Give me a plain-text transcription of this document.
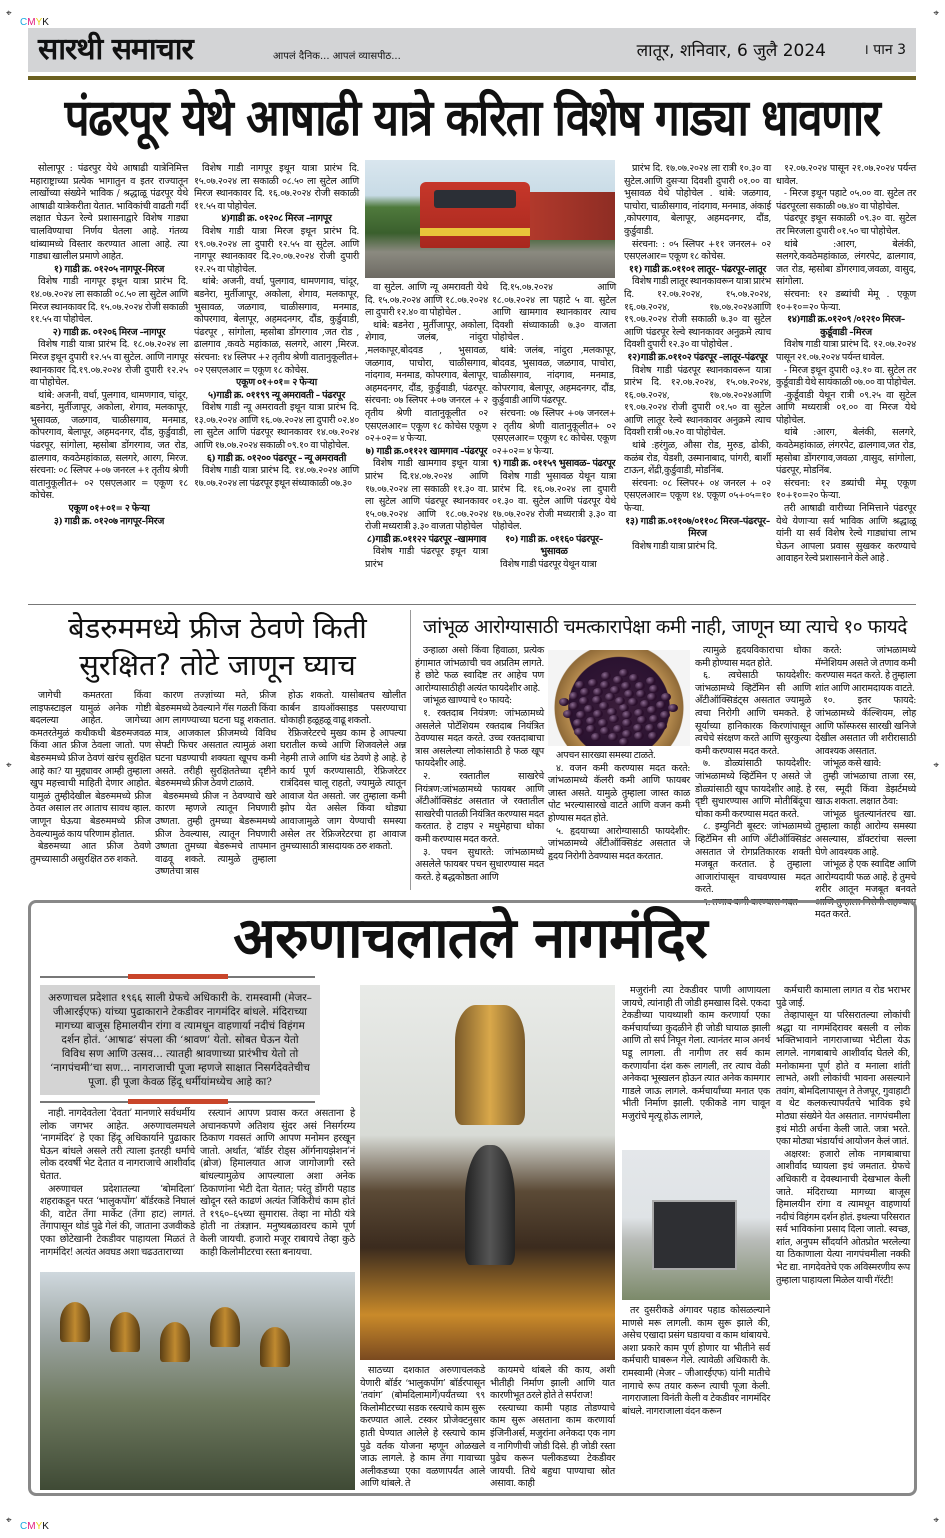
⌖	⌖
⌖	⌖
⌖	⌖
CMYK
CMYK
सारथी समाचार	आपलं दैनिक... आपलं व्यासपीठ...	लातूर, शनिवार, 6 जुलै 2024	। पान 3
पंढरपूर येथे आषाढी यात्रे करिता विशेष गाड्या धावणार

सोलापूर : पंढरपुर येथे आषाढी यात्रेनिमित्त महाराष्ट्राच्या प्रत्येक भागातुन व इतर राज्यातून लाखोंच्या संख्येने भाविक / श्रद्धाळू पंढरपूर येथे आषाढी यात्रेकरीता येतात. भाविकांची वाढती गर्दी लक्षात घेऊन रेल्वे प्रशासनाद्वारे विशेष गाड्या चालविण्याचा निर्णय घेतला आहे. गंतव्य थांब्यामध्ये विस्तार करण्यात आला आहे. त्या गाड्या खालील प्रमाणे आहेत.

१) गाडी क्र. ०१२०५ नागपूर–मिरज

विशेष गाडी नागपूर इथून यात्रा प्रारंभ दि. १४.०७.२०२४ ला सकाळी ०८.५० ला सुटेल आणि मिरज स्थानकावर दि. १५.०७.२०२४ रोजी सकाळी ११.५५ वा पोहोचेल.

२) गाडी क्र. ०१२०६ मिरज –नागपूर

विशेष गाडी यात्रा प्रारंभ दि. १८.०७.२०२४ ला मिरज इथून दुपारी १२.५५ वा सुटेल. आणि नागपूर स्थानकावर दि.१९.०७.२०२४ रोजी दुपारी १२.२५ वा पोहोचेल.

थांबे: अजनी, वर्धा, पुलगाव, धामणगाव, चांदूर, बडनेरा, मुर्तीजापूर, अकोला, शेगाव, मलकापूर, भुसावळ, जळगाव, चाळीसगाव, मनमाड, कोपरगाव, बेलापूर, अहमदनगर, दौंड, कुर्डुवाडी, पंढरपूर, सांगोला, म्हसोबा डोंगरगाव, जत रोड, ढालगाव, कवठेमहांकाळ, सलगरे, आरग, मिरज. संरचना: ०८ स्लिपर +०७ जनरल +१ तृतीय श्रेणी वातानुकूलीत+ ०२ एसएलआर = एकूण १८ कोचेस.

एकूण ०१+०१= २ फेऱ्या

३) गाडी क्र. ०१२०७ नागपूर–मिरज

विशेष गाडी नागपूर इथून यात्रा प्रारंभ दि. १५.०७.२०२४ ला सकाळी ०८.५० ला सुटेल आणि मिरज स्थानकावर दि. १६.०७.२०२४ रोजी सकाळी ११.५५ वा पोहोचेल.

४)गाडी क्र. ०१२०८ मिरज –नागपूर

विशेष गाडी यात्रा मिरज इथून प्रारंभ दि. १९.०७.२०२४ ला दुपारी १२.५५ वा सुटेल. आणि नागपूर स्थानकावर दि.२०.०७.२०२४ रोजी दुपारी १२.२५ वा पोहोचेल.

थांबे: अजनी, वर्धा, पुलगाव, धामणगाव, चांदूर, बडनेरा, मुर्तीजापूर, अकोला, शेगाव, मलकापूर, भुसावळ, जळगाव, चाळीसगाव, मनमाड, कोपरगाव, बेलापूर, अहमदनगर, दौंड, कुर्डुवाडी, पंढरपूर , सांगोला, म्हसोबा डोंगरगाव ,जत रोड , ढालगाव ,कवठे महांकाळ, सलगरे, आरग ,मिरज. संरचना: १४ स्लिपर +२ तृतीय श्रेणी वातानुकूलीत+ ०२ एसएलआर = एकूण १८ कोचेस.

एकूण ०१+०१= २ फेऱ्या

५)गाडी क्र. ०११९९ न्यू अमरावती – पंढरपूर

विशेष गाडी न्यू अमरावती इथून यात्रा प्रारंभ दि. १३.०७.२०२४ आणि १६.०७.२०२४ ला दुपारी ०२.४० ला सुटेल आणि पंढरपूर स्थानकावर १४.०७.२०२४ आणि १७.०७.२०२४ सकाळी ०९.१० वा पोहोचेल.

६) गाडी क्र. ०१२०० पंढरपूर – न्यू अमरावती

विशेष गाडी यात्रा प्रारंभ दि. १४.०७.२०२४ आणि १७.०७.२०२४ ला पंढरपूर इथून संध्याकाळी ०७.३०

वा सुटेल. आणि न्यू अमरावती येथे दि. १५.०७.२०२४ आणि १८.०७.२०२४ ला दुपारी १२.४० वा पोहोचेल .

थांबे: बडनेरा , मुर्तीजापूर, अकोला, शेगाव, जलंब, नांदुरा ,मलकापूर,बोदवड , भुसावळ, जळगाव, पाचोरा, चाळीसगाव, नांदगाव, मनमाड, कोपरगाव, बेलापूर, अहमदनगर, दौंड, कुर्डुवाडी, पंढरपूर. संरचना: ०७ स्लिपर +०७ जनरल + २ तृतीय श्रेणी वातानुकूलीत ०२ एसएलआर= एकूण १८ कोचेस एकूण ०२+०२= ४ फेऱ्या.

७) गाडी क्र.०११२१ खामगाव –पंढरपूर

विशेष गाडी खामगाव इथून यात्रा प्रारंभ दि.१४.०७.२०२४ आणि १७.०७.२०२४ ला सकाळी ११.३० वा. ला सुटेल आणि पंढरपूर स्थानकावर १५.०७.२०२४ आणि १८.०७.२०२४ रोजी मध्यरात्री ३.३० वाजता पोहोचेल

८)गाडी क्र.०११२२ पंढरपूर –खामगाव

विशेष गाडी पंढरपूर इथून यात्रा प्रारंभ

दि.१५.०७.२०२४ आणि १८.०७.२०२४ ला पहाटे ५ वा. सुटेल आणि खामगाव स्थानकावर त्याच दिवशी संध्याकाळी ७.३० वाजता पोहोचेल .

थांबे: जलंब, नांदुरा ,मलकापूर, बोदवड, भुसावळ, जळगाव, पाचोरा, चाळीसगाव, नांदगाव, मनमाड, कोपरगाव, बेलापूर, अहमदनगर, दौंड, कुर्डुवाडी आणि पंढरपूर.

संरचना: ०७ स्लिपर +०७ जनरल+ २ तृतीय श्रेणी वातानुकूलीत+ ०२ एसएलआर= एकूण १८ कोचेस. एकूण ०२+०२= ४ फेऱ्या.

९) गाडी क्र. ०११५९ भुसावळ– पंढरपूर

विशेष गाडी भुसावळ येथून यात्रा प्रारंभ दि. १६.०७.२०२४ ला दुपारी ०१.३० वा. सुटेल आणि पंढरपूर येथे १७.०७.२०२४ रोजी मध्यरात्री ३.३० वा पोहोचेल.

१०) गाडी क्र. ०११६० पंढरपूर– भुसावळ

विशेष गाडी पंढरपूर येथून यात्रा

प्रारंभ दि. १७.०७.२०२४ ला रात्री १०.३० वा सुटेल.आणि दुसऱ्या दिवशी दुपारी ०१.०० वा भुसावळ येथे पोहोचेल . थांबे: जळगाव, पाचोरा, चाळीसगाव, नांदगाव, मनमाड, अंकाई ,कोपरगाव, बेलापूर, अहमदनगर, दौंड, कुर्डुवाडी.

संरचना: : ०५ स्लिपर +११ जनरल+ ०२ एसएलआर= एकूण १८ कोचेस.

११) गाडी क्र.०११०१ लातूर– पंढरपूर–लातूर

विशेष गाडी लातूर स्थानकावरून यात्रा प्रारंभ दि. १२.०७.२०२४, १५.०७.२०२४, १६.०७.२०२४, १७.०७.२०२४आणि १९.०७.२०२४ रोजी सकाळी ७.३० वा सुटेल आणि पंढरपूर रेल्वे स्थानकावर अनुक्रमे त्याच दिवशी दुपारी १२.३० वा पोहोचेल .

१२)गाडी क्र.०११०२ पंढरपूर –लातूर–पंढरपूर

विशेष गाडी पंढरपूर स्थानकावरून यात्रा प्रारंभ दि. १२.०७.२०२४, १५.०७.२०२४, १६.०७.२०२४, १७.०७.२०२४आणि १९.०७.२०२४ रोजी दुपारी ०१.५० वा सुटेल आणि लातूर रेल्वे स्थानकावर अनुक्रमे त्याच दिवशी रात्री ०७.२० वा पोहोचेल.

थांबे :हरंगुळ, औसा रोड, मुरुड, ढोकी, कळंब रोड, येडशी, उस्मानाबाद, पांगरी, बार्शी टाऊन, शेंद्री,कुर्डुवाडी, मोडनिंब.

संरचना: ०८ स्लिपर+ ०४ जनरल + ०२ एसएलआर= एकूण १४. एकूण ०५+०५=१० फेऱ्या.

१३) गाडी क्र.०११०७/०११०८ मिरज–पंढरपूर–मिरज

विशेष गाडी यात्रा प्रारंभ दि.

१२.०७.२०२४ पासून २१.०७.२०२४ पर्यन्त धावेल.

- मिरज इथून पहाटे ०५.०० वा. सुटेल तर पंढरपूरला सकाळी ०७.४० वा पोहोचेल.

पंढरपूर इथून सकाळी ०९.३० वा. सुटेल तर मिरजला दुपारी ०१.५० चा पोहोचेल.

थांबे :आरग, बेलंकी, सलगरे,कवठेमहांकाळ, लंगरपेट, ढालगाव, जत रोड, म्हसोबा डोंगरगाव,जवळा, वासुद, सांगोला.

संरचना: १२ डब्यांची मेमू . एकूण १०+१०=२० फेऱ्या.

१४)गाडी क्र.०१२०९ /०१२१० मिरज– कुर्डूवाडी –मिरज

विशेष गाडी यात्रा प्रारंभ दि. १२.०७.२०२४ पासून २१.०७.२०२४ पर्यन्त धावेल.

- मिरज इथून दुपारी ०३.१० वा. सुटेल तर कुर्डूवाडी येथे सायंकाळी ०७.०० वा पोहोचेल.

-कुर्डूवाडी येथून रात्री ०९.२५ वा सुटेल आणि मध्यरात्री ०१.०० वा मिरज येथे पोहोचेल.

थांबे :आरग, बेलंकी, सलगरे, कवठेमहांकाळ, लंगरपेट, ढालगाव,जत रोड, म्हसोबा डोंगरगाव,जवळा ,वासुद, सांगोला, पंढरपूर, मोडनिंब.

संरचना: १२ डब्यांची मेमू एकूण १०+१०=२० फेऱ्या.

तरी आषाढी वारीच्या निमित्ताने पंढरपूर येथे येणाऱ्या सर्व भाविक आणि श्रद्धाळू यांनी या सर्व विशेष रेल्वे गाड्यांचा लाभ घेऊन आपला प्रवास सुखकर करण्याचे आवाहन रेल्वे प्रशासनाने केले आहे .

बेडरुममध्ये फ्रीज ठेवणे किती
सुरक्षित? तोटे जाणून घ्याच

जागेची कमतरता किंवा लाइफस्टाइल यामुळं अनेक गोष्टी बदलल्या आहेत. जागेच्या कमतरतेमुळं कधीकधी बेडरुमजवळ किंवा आत फ्रीज ठेवला जातो. पण बेडरुममध्ये फ्रीज ठेवणं खरंच सुरक्षित आहे का? या मुद्द्यावर आम्ही तुम्हाला खुप महत्त्वाची माहिती देणार आहोत. यामुळं तुम्हीदेखील बेडरुममध्ये फ्रीज ठेवत असाल तर आताच सावध व्हाल. जाणून घेऊया बेडरुममध्ये फ्रीज ठेवल्यामुळं काय परिणाम होतात.

बेडरुमच्या आत फ्रीज ठेवणे तुमच्यासाठी असुरक्षित ठरु शकते.

कारण तज्ज्ञांच्या मते, फ्रीज बेडरुममध्ये ठेवल्याने गॅस गळती किंवा आग लागण्याच्या घटना घडू शकतात. मात्र, आजकाल फ्रीजमध्ये विविध सेफ्टी फिचर असतात त्यामुळं अशा घटना घडण्याची शक्यता खूपच कमी असते. तरीही सुरक्षिततेच्या दृष्टीने बेडरुममध्ये फ्रीज ठेवणे टाळावे.

बेडरुममध्ये फ्रीज न ठेवण्याचे खरे कारण म्हणजे त्यातून निघणारी उष्णता. तुम्ही तुमच्या बेडरूममध्ये फ्रीज ठेवल्यास, त्यातून निघणारी उष्णता तुमच्या बेडरूमचे तापमान वाढवू शकते. त्यामुळे तुम्हाला उष्णतेचा त्रास

होऊ शकतो. यासोबतच खोलीत कार्बन डायऑक्साइड पसरण्याचा धोकाही हळूहळू वाढू शकतो.

रेफ्रिजरेटरचे मुख्य काम हे आपल्या घरातील कच्चे आणि शिजवलेले अन्न नेहमी ताजे आणि थंड ठेवणे हे आहे. हे कार्य पूर्ण करण्यासाठी, रेफ्रिजरेटर रात्रंदिवस चालू राहतो, ज्यामुळे त्यातून आवाज येत असतो. जर तुम्हाला कमी झोप येत असेल किंवा थोड्या आवाजामुळे जाग येण्याची समस्या असेल तर रेफ्रिजरेटरचा हा आवाज तुमच्यासाठी त्रासदायक ठरु शकतो.

जांभूळ आरोग्यासाठी चमत्कारापेक्षा कमी नाही, जाणून घ्या त्याचे १० फायदे

उन्हाळा असो किंवा हिवाळा, प्रत्येक हंगामात जांभळाची चव अप्रतिम लागते. हे छोटे फळ स्वादिष्ट तर आहेच पण आरोग्यासाठीही अत्यंत फायदेशीर आहे.

जांभूळ खाण्याचे १० फायदे:

१. रक्तदाब नियंत्रण: जांभळामध्ये असलेले पोटॅशियम रक्तदाब नियंत्रित ठेवण्यास मदत करते. उच्च रक्तदाबाचा त्रास असलेल्या लोकांसाठी हे फळ खूप फायदेशीर आहे.

२. रक्तातील साखरेचे नियंत्रण:जांभळामध्ये फायबर आणि अँटीऑक्सिडंट असतात जे रक्तातील साखरेची पातळी नियंत्रित करण्यास मदत करतात. हे टाइप २ मधुमेहाचा धोका कमी करण्यास मदत करते.

३. पचन सुधारते: जांभळामध्ये असलेले फायबर पचन सुधारण्यास मदत करते. हे बद्धकोष्ठता आणि

अपचन सारख्या समस्या टाळते.

४. वजन कमी करण्यास मदत करते: जांभळामध्ये कॅलरी कमी आणि फायबर जास्त असते. यामुळे तुम्हाला जास्त काळ पोट भरल्यासारखे वाटते आणि वजन कमी होण्यास मदत होते.

५. हृदयाच्या आरोग्यासाठी फायदेशीर: जांभळामध्ये अँटीऑक्सिडंट असतात जे हृदय निरोगी ठेवण्यास मदत करतात.

त्यामुळे हृदयविकाराचा धोका कमी होण्यास मदत होते.

६. त्वचेसाठी फायदेशीर: जांभळामध्ये व्हिटॅमिन सी आणि अँटीऑक्सिडंट्स असतात ज्यामुळे त्वचा निरोगी आणि चमकते. हे सूर्याच्या हानिकारक किरणांपासून त्वचेचे संरक्षण करते आणि सुरकुत्या कमी करण्यास मदत करते.

७. डोळ्यांसाठी फायदेशीर: जांभळामध्ये व्हिटॅमिन ए असते जे डोळ्यांसाठी खूप फायदेशीर आहे. हे दृष्टी सुधारण्यास आणि मोतीबिंदूचा धोका कमी करण्यास मदत करते.

८. इम्युनिटी बूस्टर: जांभळामध्ये व्हिटॅमिन सी आणि अँटीऑक्सिडंट असतात जे रोगप्रतिकारक शक्ती मजबूत करतात. हे तुम्हाला आजारांपासून वाचवण्यास मदत करते.

९. तणाव कमी करण्यास मदत

करते: जांभळामध्ये मॅग्नेशियम असते जे तणाव कमी करण्यास मदत करते. हे तुम्हाला शांत आणि आरामदायक वाटते.

१०. इतर फायदे: जांभळामध्ये कॅल्शियम, लोह आणि फॉस्फरस सारखी खनिजे देखील असतात जी शरीरासाठी आवश्यक असतात.

जांभूळ कसे खावे:

तुम्ही जांभळाचा ताजा रस, रस, स्मूदी किंवा डेझर्टमध्ये खाऊ शकता. लक्षात ठेवा:

जांभूळ धुतल्यानंतरच खा. तुम्हाला काही आरोग्य समस्या असल्यास, डॉक्टरांचा सल्ला घेणे आवश्यक आहे.

जांभूळ हे एक स्वादिष्ट आणि आरोग्यदायी फळ आहे. हे तुमचे शरीर आतून मजबूत बनवते आणि तुम्हाला निरोगी राहण्यास मदत करते.

अरुणाचलातले नागमंदिर
अरुणाचल प्रदेशात १९६६ साली ग्रेफचे अधिकारी के. रामस्वामी (मेजर–जीआरईएफ) यांच्या पुढाकाराने टेकडीवर नागमंदिर बांधले. मंदिराच्या मागच्या बाजूस हिमालयीन रांगा व त्यामधून वाहणार्या नदीचं विहंगम दर्शन होतं. ‘आषाढ’ संपला की ‘श्रावण’ येतो. सोबत घेऊन येतो विविध सण आणि उत्सव... त्यातही श्रावणाच्या प्रारंभीच येतो तो ‘नागपंचमी’चा सण... नागराजाची पूजा म्हणजे साक्षात निसर्गदेवतेचीच पूजा. ही पूजा केवळ हिंदू धर्मीयांमध्येच आहे का?

नाही. नागदेवतेला ‘देवता’ मानणारे सर्वधर्मीय लोक जगभर आहेत. अरुणाचलमधले ‘नागमंदिर’ हे एका हिंदू अधिकार्याने पुढाकार घेऊन बांधले असले तरी त्याला इतरही धर्माचे लोक दरवर्षी भेट देतात व नागराजाचे आशीर्वाद घेतात.

अरुणाचल प्रदेशातल्या ‘बोमदिला’ शहराकडून परत ‘भालुकपोंग’ बॉर्डरकडे निघालं की, वाटेत तेंगा मार्केट (तेंगा हाट) लागतं. तेंगापासून थोडं पुढे गेलं की, जाताना उजवीकडे एका छोटेखानी टेकडीवर पाहायला मिळतं ते नागमंदिर! अत्यंत अवघड अशा चढउताराच्या

रस्त्यानं आपण प्रवास करत असताना हे अचानकपणे अतिशय सुंदर असं निसर्गरम्य ठिकाण गवसतं आणि आपण मनोमन हरखून जातो. अर्थात, ‘बॉर्डर रोड्स ऑर्गनायझेशन’नं (ब्रोज) हिमालयात आज जागोजागी रस्ते बांधल्यामुळेच आपल्याला अशा अनेक ठिकाणांना भेटी देता येतात; परंतु डोंगरी पहाड खोदून रस्ते काढणं अत्यंत जिकिरीचं काम होतं ते १९६०–६५च्या सुमारास. तेव्हा ना मोठी यंत्रे होती ना तंत्रज्ञान. मनुष्यबळावरच कामे पूर्ण केली जायची. हजारो मजूर राबायचे तेव्हा कुठे काही किलोमीटरचा रस्ता बनायचा.

साठच्या दशकात अरुणाचलकडे येणारी बॉर्डर ‘भालुकपोंग’ बॉर्डरपासून ‘तवांग’ (बोमदिलामार्गे)पर्यंतच्या ९९ किलोमीटरच्या सडक रस्त्याचे काम सुरू करण्यात आले. टस्कर प्रोजेक्टनुसार हाती घेण्यात आलेले हे रस्त्याचे काम पुढे वर्तक योजना म्हणून ओळखले जाऊ लागले. हे काम तेंगा गावाच्या अलीकडच्या एका वळणापर्यंत आले आणि थांबले. ते

कायमचे थांबले की काय, अशी भीतीही निर्माण झाली आणि यात कारणीभूत ठरले होते ते सर्पराज!

रस्त्याच्या कामी पहाड तोडण्याचे काम सुरू असताना काम करणार्या इंजिनीअर्स, मजुरांना अनेकदा एक नाग व नागिणीची जोडी दिसे. ही जोडी रस्ता पुढेच करून पलीकडच्या टेकडीवर जायची. तिथे बहुधा पाण्याचा स्रोत असावा. काही

मजुरांनी त्या टेकडीवर पाणी आणायला जायचे, त्यांनाही ती जोडी हमखास दिसे. एकदा टेकडीच्या पायथ्याशी काम करणार्या एका कर्मचार्याच्या कुदळीने ही जोडी घायाळ झाली आणि तो सर्प निघून गेला. त्यानंतर माञ अनर्थ घडू लागला. ती नागीण तर सर्व काम करणार्यांना दंश करू लागली, तर त्याच वेळी अनेकदा भूस्खलन होऊन त्यात अनेक कामगार गाडले जाऊ लागले. कर्मचार्यांच्या मनात एक भीती निर्माण झाली. एकीकडे नाग चावून मजुरांचे मृत्यू होऊ लागले,

तर दुसरीकडे अंगावर पहाड कोसळल्याने माणसे मरू लागली. काम सुरू झाले की, असेच एखादा प्रसंग घडायचा व काम थांबायचे. अशा प्रकारे काम पूर्ण होणार या भीतीने सर्व कर्मचारी घाबरून गेले. त्यावेळी अधिकारी के. रामस्वामी (मेजर – जीआरईएफ) यांनी मातीचे नागाचे रूप तयार करून त्याची पूजा केली. नागराजाला विनंती केली व टेकडीवर नागमंदिर बांधले. नागराजाला वंदन करून

कर्मचारी कामाला लागत व रोड भराभर पुढे जाई.

तेव्हापासून या परिसरातल्या लोकांची श्रद्धा या नागमंदिरावर बसली व लोक भक्तिभावाने नागराजाच्या भेटीला येऊ लागले. नागबाबाचे आशीर्वाद घेतले की, मनोकामना पूर्ण होते व मनाला शांती लाभते, अशी लोकांची भावना असल्याने तवांग, बोमदिलापासून ते तेजपूर, गुवाहाटी व थेट कलकत्त्यापर्यंतचे भाविक इथे मोठ्या संख्येने येत असतात. नागपंचमीला इथं मोठी अर्चना केली जाते. जत्रा भरते. एका मोठ्या भंडार्याचं आयोजन केलं जातं.

अक्षरश: हजारो लोक नागबाबाचा आशीर्वाद घ्यायला इथं जमतात. ग्रेफचे अधिकारी व देवस्थानाची देखभाल केली जाते. मंदिराच्या मागच्या बाजूस हिमालयीन रांगा व त्यामधून वाहणार्या नदीचं विहंगम दर्शन होतं. इथल्या परिसरात सर्व भाविकांना प्रसाद दिला जातो. स्वच्छ, शांत, अनुपम सौंदर्याने ओतप्रोत भरलेल्या या ठिकाणाला येत्या नागपंचमीला नक्की भेट द्या. नागदेवतेचे एक अविस्मरणीय रूप तुम्हाला पाहायला मिळेल याची गॅरंटी!
